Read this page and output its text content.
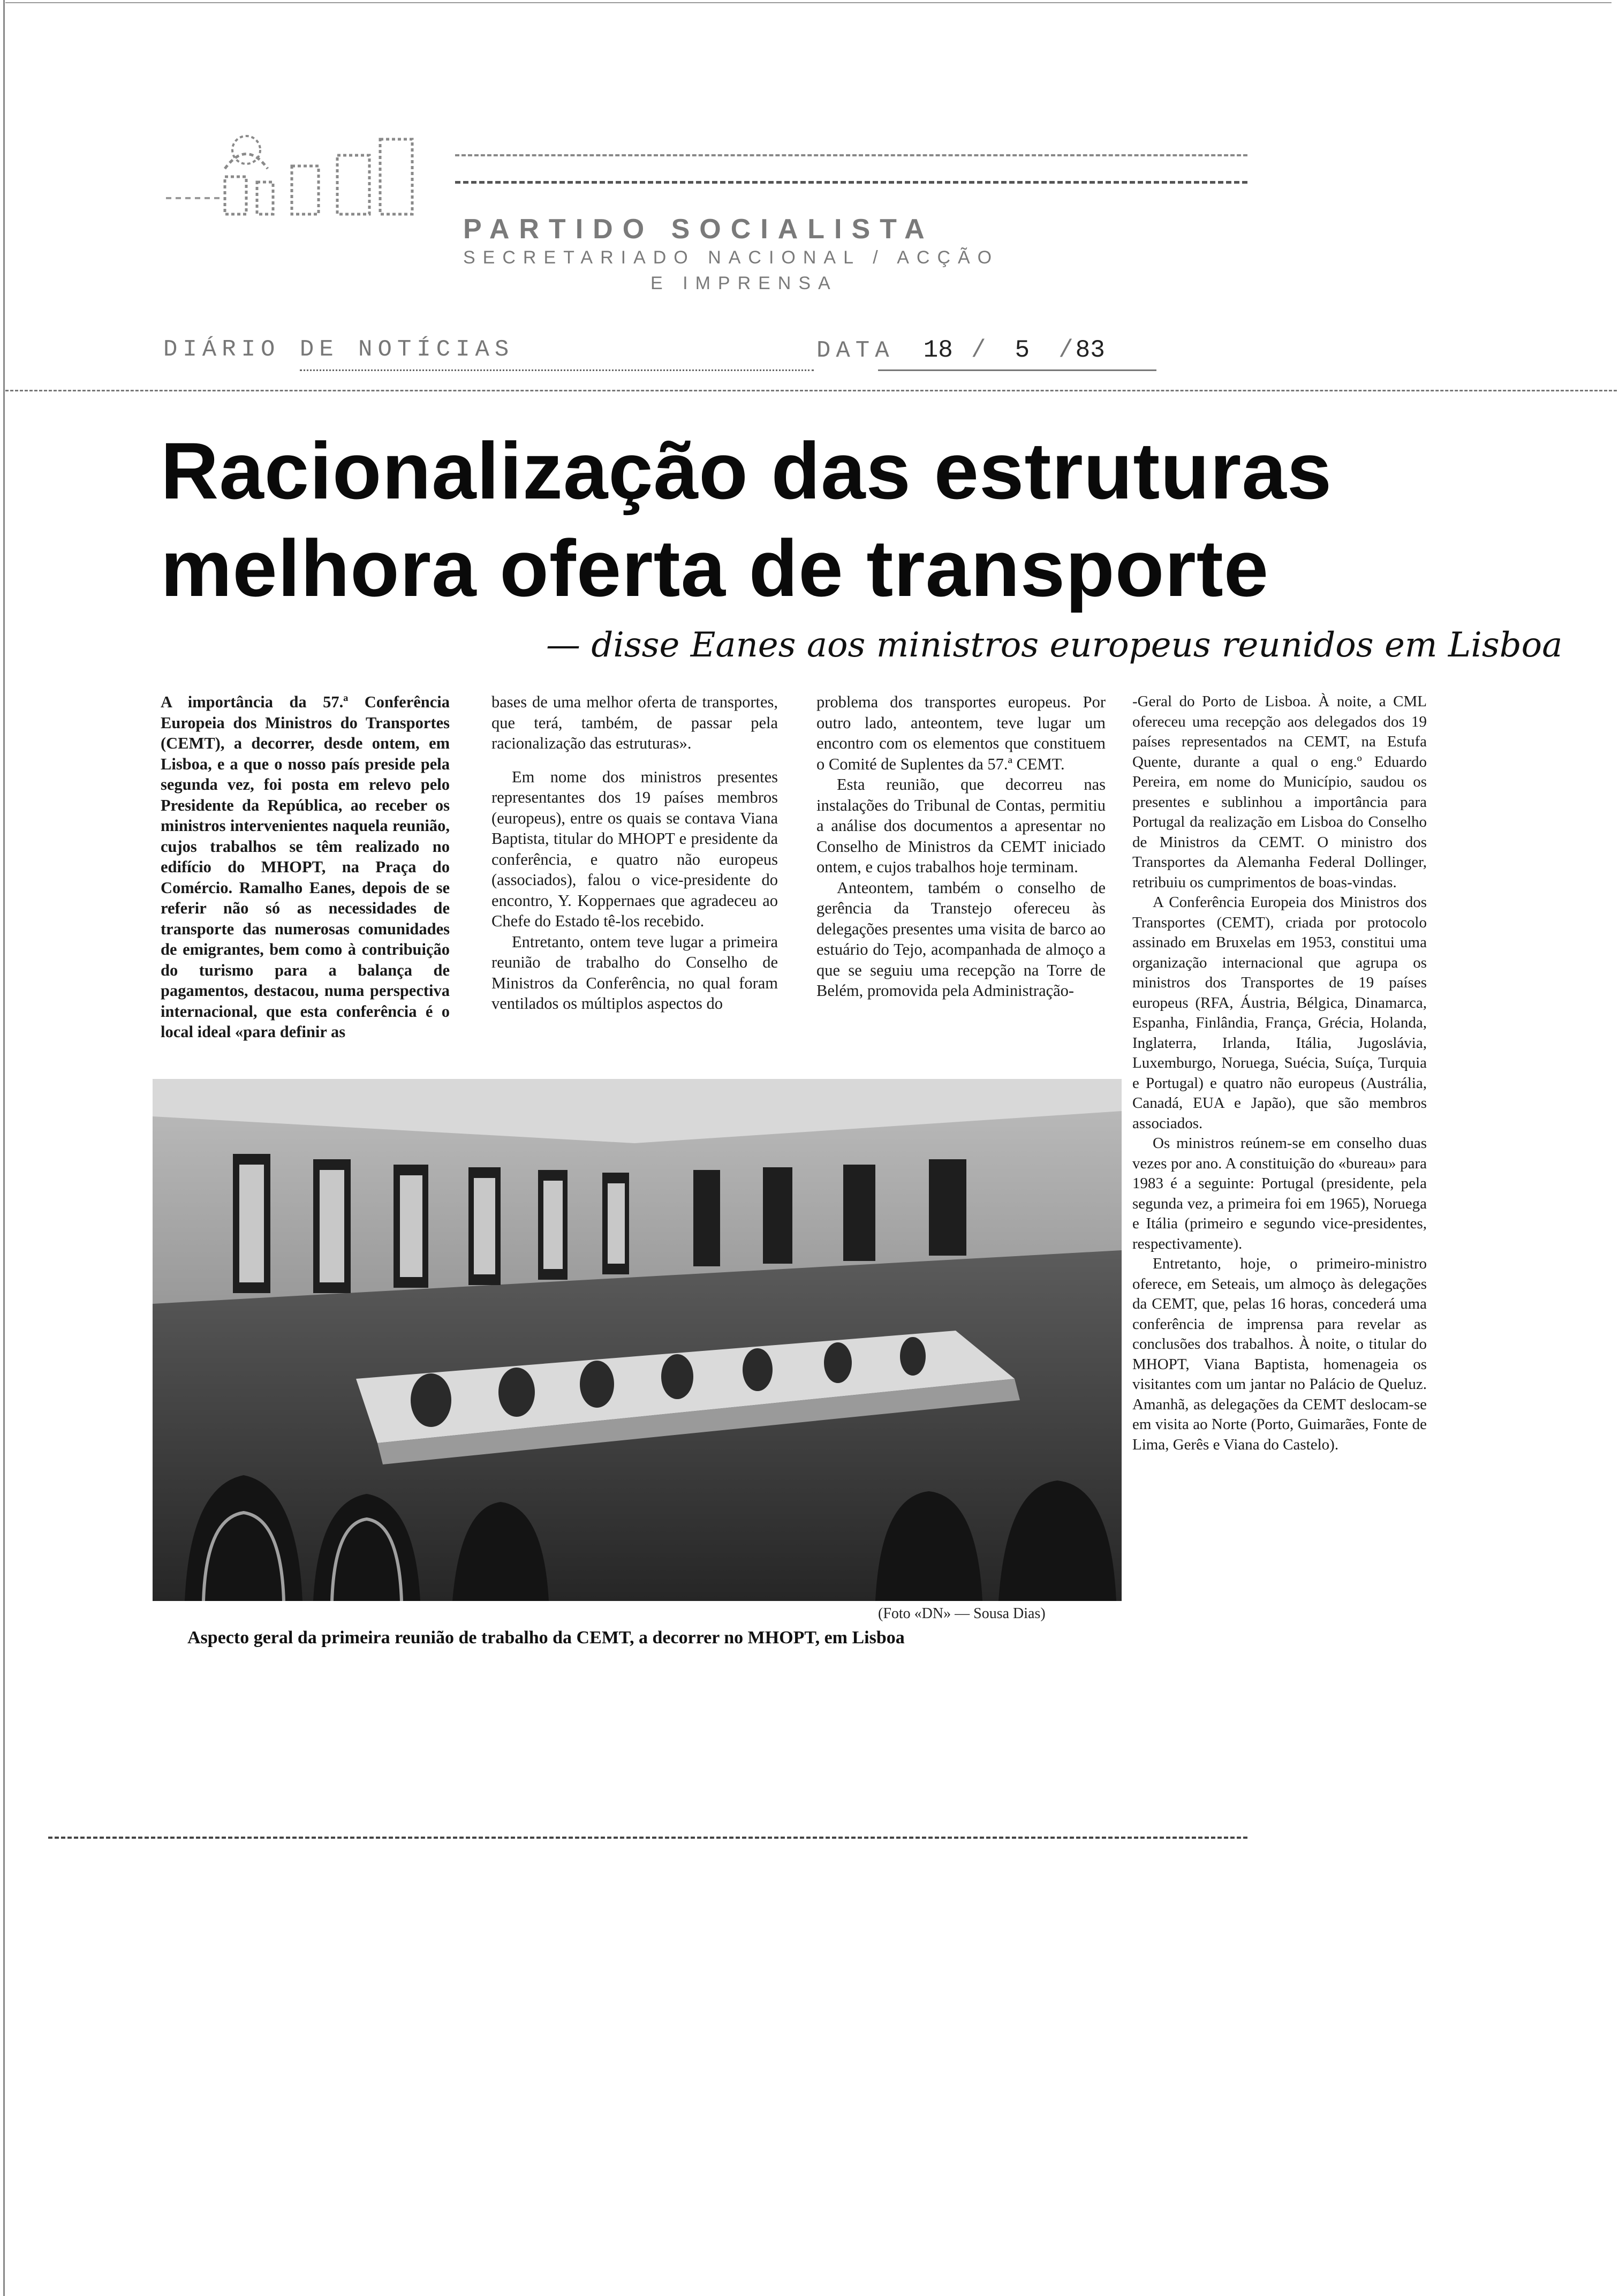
PARTIDO SOCIALISTA
SECRETARIADO NACIONAL / ACÇÃO
E IMPRENSA
DIÁRIO DE NOTÍCIAS	DATA 18 / 5 / 83
Racionalização das estruturas
melhora oferta de transporte
— disse Eanes aos ministros europeus reunidos em Lisboa

A importância da 57.ª Conferência Europeia dos Ministros do Transportes (CEMT), a decorrer, desde ontem, em Lisboa, e a que o nosso país preside pela segunda vez, foi posta em relevo pelo Presidente da República, ao receber os ministros intervenientes naquela reunião, cujos trabalhos se têm realizado no edifício do MHOPT, na Praça do Comércio. Ramalho Eanes, depois de se referir não só as necessidades de transporte das numerosas comunidades de emigrantes, bem como à contribuição do turismo para a balança de pagamentos, destacou, numa perspectiva internacional, que esta conferência é o local ideal «para definir as

bases de uma melhor oferta de transportes, que terá, também, de passar pela racionalização das estruturas».

Em nome dos ministros presentes representantes dos 19 países membros (europeus), entre os quais se contava Viana Baptista, titular do MHOPT e presidente da conferência, e quatro não europeus (associados), falou o vice-presidente do encontro, Y. Koppernaes que agradeceu ao Chefe do Estado tê-los recebido.

Entretanto, ontem teve lugar a primeira reunião de trabalho do Conselho de Ministros da Conferência, no qual foram ventilados os múltiplos aspectos do

problema dos transportes europeus. Por outro lado, anteontem, teve lugar um encontro com os elementos que constituem o Comité de Suplentes da 57.ª CEMT.

Esta reunião, que decorreu nas instalações do Tribunal de Contas, permitiu a análise dos documentos a apresentar no Conselho de Ministros da CEMT iniciado ontem, e cujos trabalhos hoje terminam.

Anteontem, também o conselho de gerência da Transtejo ofereceu às delegações presentes uma visita de barco ao estuário do Tejo, acompanhada de almoço a que se seguiu uma recepção na Torre de Belém, promovida pela Administração-

-Geral do Porto de Lisboa. À noite, a CML ofereceu uma recepção aos delegados dos 19 países representados na CEMT, na Estufa Quente, durante a qual o eng.º Eduardo Pereira, em nome do Município, saudou os presentes e sublinhou a importância para Portugal da realização em Lisboa do Conselho de Ministros da CEMT. O ministro dos Transportes da Alemanha Federal Dollinger, retribuiu os cumprimentos de boas-vindas.

A Conferência Europeia dos Ministros dos Transportes (CEMT), criada por protocolo assinado em Bruxelas em 1953, constitui uma organização internacional que agrupa os ministros dos Transportes de 19 países europeus (RFA, Áustria, Bélgica, Dinamarca, Espanha, Finlândia, França, Grécia, Holanda, Inglaterra, Irlanda, Itália, Jugoslávia, Luxemburgo, Noruega, Suécia, Suíça, Turquia e Portugal) e quatro não europeus (Austrália, Canadá, EUA e Japão), que são membros associados.

Os ministros reúnem-se em conselho duas vezes por ano. A constituição do «bureau» para 1983 é a seguinte: Portugal (presidente, pela segunda vez, a primeira foi em 1965), Noruega e Itália (primeiro e segundo vice-presidentes, respectivamente).

Entretanto, hoje, o primeiro-ministro oferece, em Seteais, um almoço às delegações da CEMT, que, pelas 16 horas, concederá uma conferência de imprensa para revelar as conclusões dos trabalhos. À noite, o titular do MHOPT, Viana Baptista, homenageia os visitantes com um jantar no Palácio de Queluz. Amanhã, as delegações da CEMT deslocam-se em visita ao Norte (Porto, Guimarães, Fonte de Lima, Gerês e Viana do Castelo).

(Foto «DN» — Sousa Dias)
Aspecto geral da primeira reunião de trabalho da CEMT, a decorrer no MHOPT, em Lisboa
